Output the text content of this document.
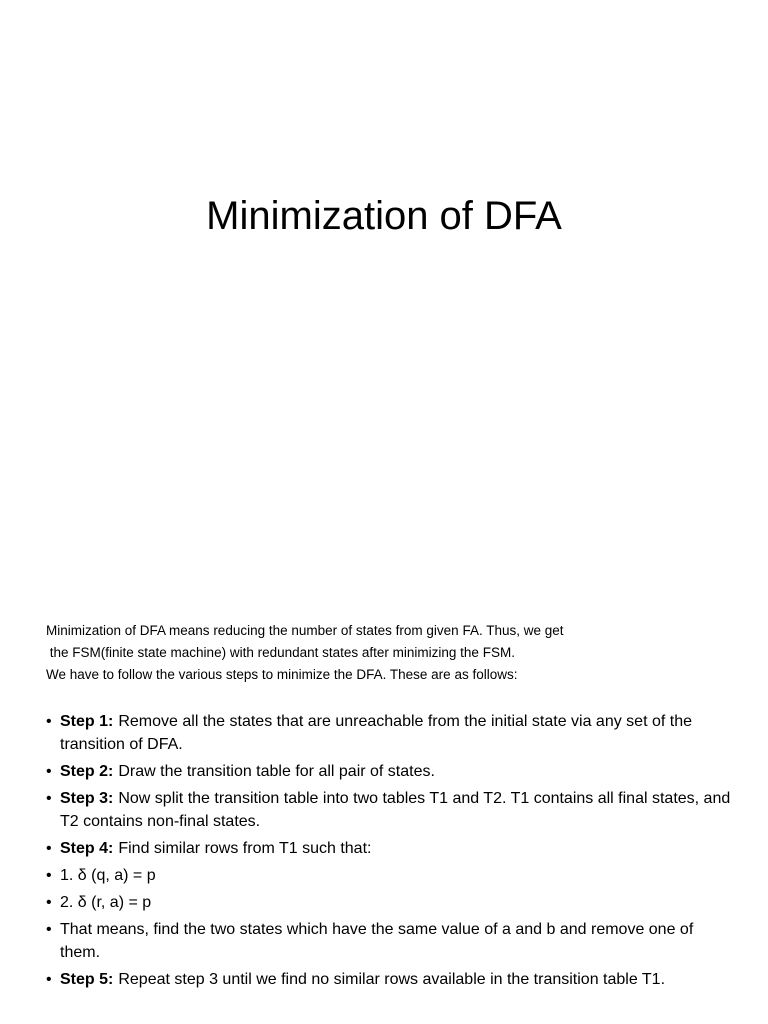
Minimization of DFA

Minimization of DFA means reducing the number of states from given FA. Thus, we get

the FSM(finite state machine) with redundant states after minimizing the FSM.

We have to follow the various steps to minimize the DFA. These are as follows:

• Step 1: Remove all the states that are unreachable from the initial state via any set of the transition of DFA.
• Step 2: Draw the transition table for all pair of states.
• Step 3: Now split the transition table into two tables T1 and T2. T1 contains all final states, and T2 contains non-final states.
• Step 4: Find similar rows from T1 such that:
• 1. δ (q, a) = p
• 2. δ (r, a) = p
• That means, find the two states which have the same value of a and b and remove one of them.
• Step 5: Repeat step 3 until we find no similar rows available in the transition table T1.
